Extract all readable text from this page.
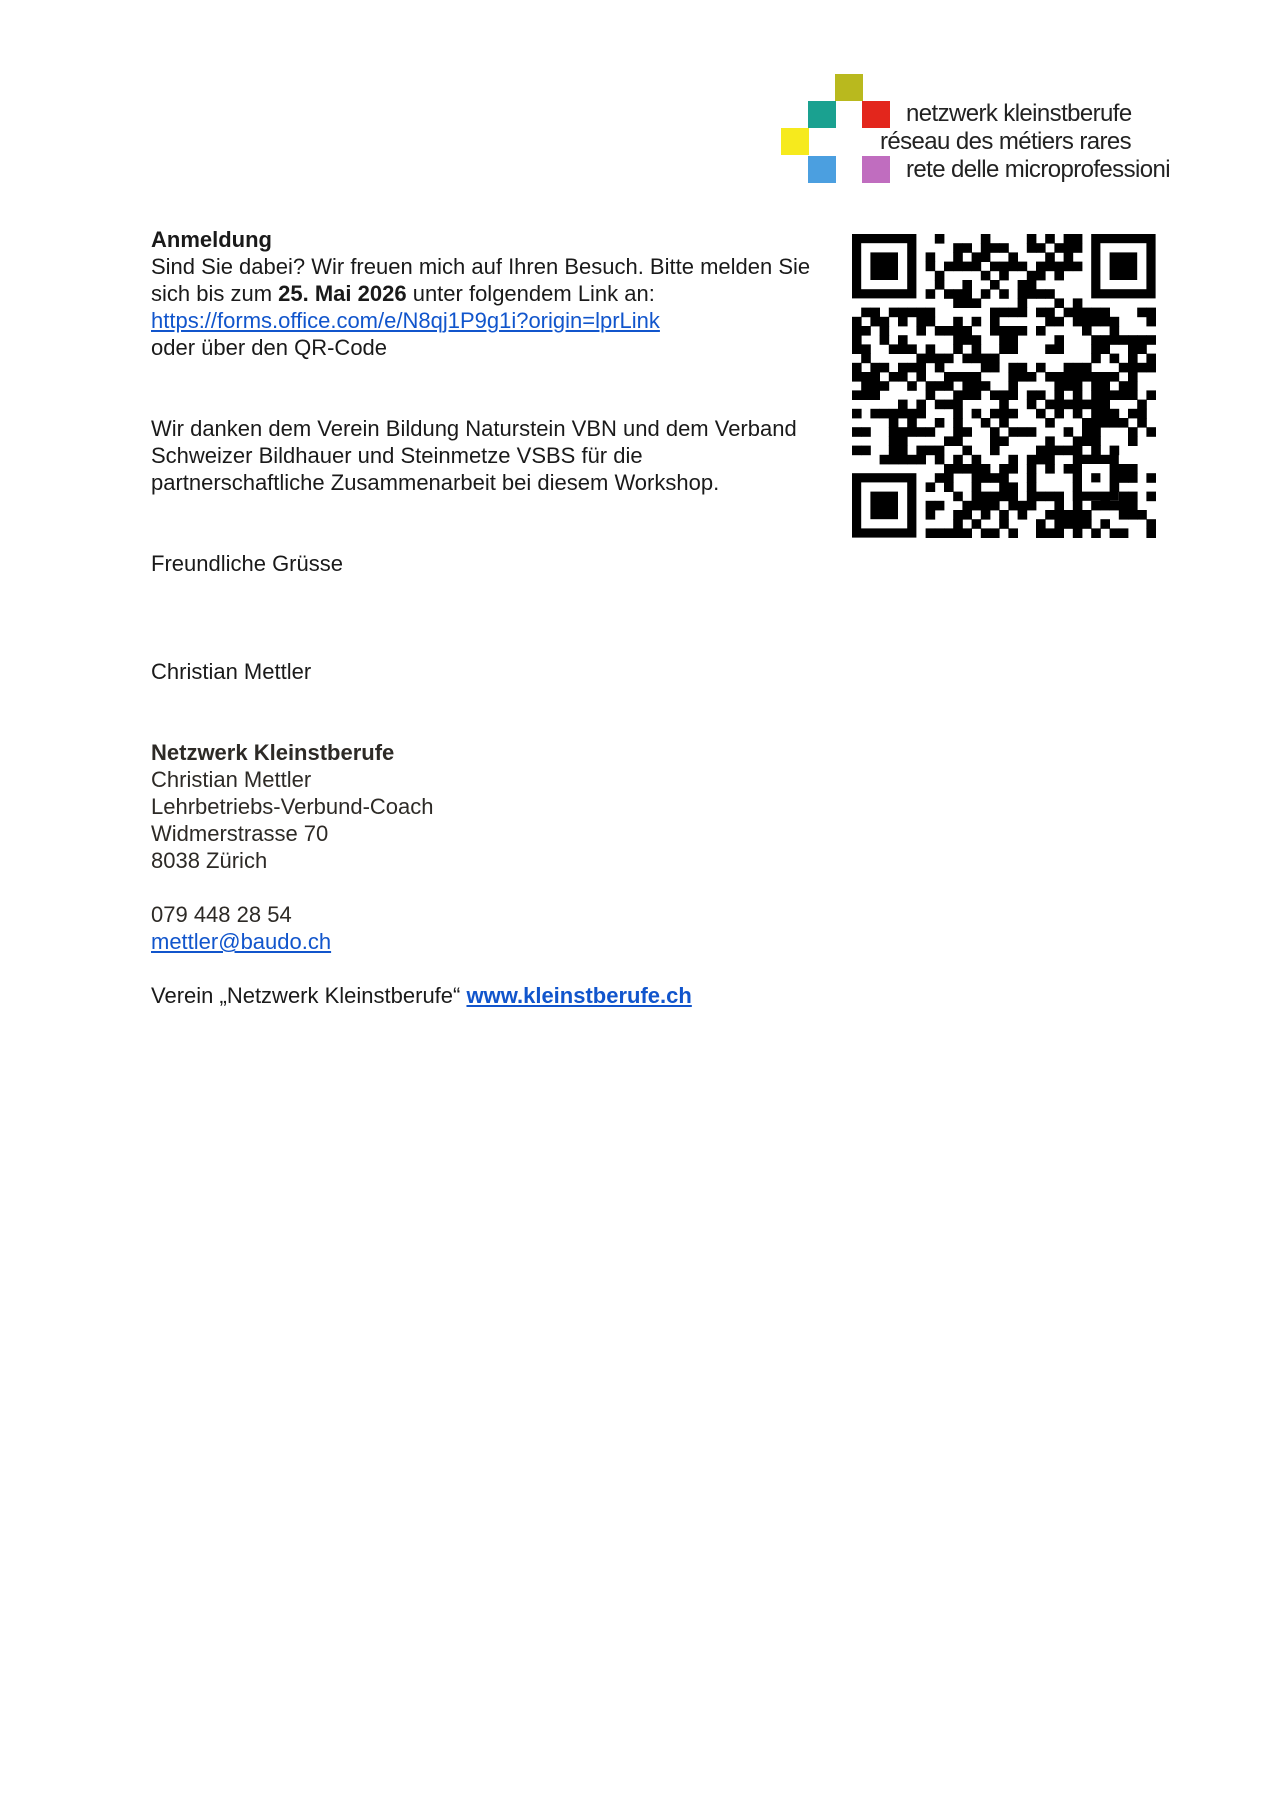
netzwerk kleinstberufe
réseau des métiers rares
rete delle microprofessioni

Anmeldung

Sind Sie dabei? Wir freuen mich auf Ihren Besuch. Bitte melden Sie sich bis zum 25. Mai 2026 unter folgendem Link an:

https://forms.office.com/e/N8qj1P9g1i?origin=lprLink

oder über den QR-Code

Wir danken dem Verein Bildung Naturstein VBN und dem Verband Schweizer Bildhauer und Steinmetze VSBS für die partnerschaftliche Zusammenarbeit bei diesem Workshop.

Freundliche Grüsse

Christian Mettler

Netzwerk Kleinstberufe

Christian Mettler

Lehrbetriebs-Verbund-Coach

Widmerstrasse 70

8038 Zürich

079 448 28 54

mettler@baudo.ch

Verein „Netzwerk Kleinstberufe“ www.kleinstberufe.ch
